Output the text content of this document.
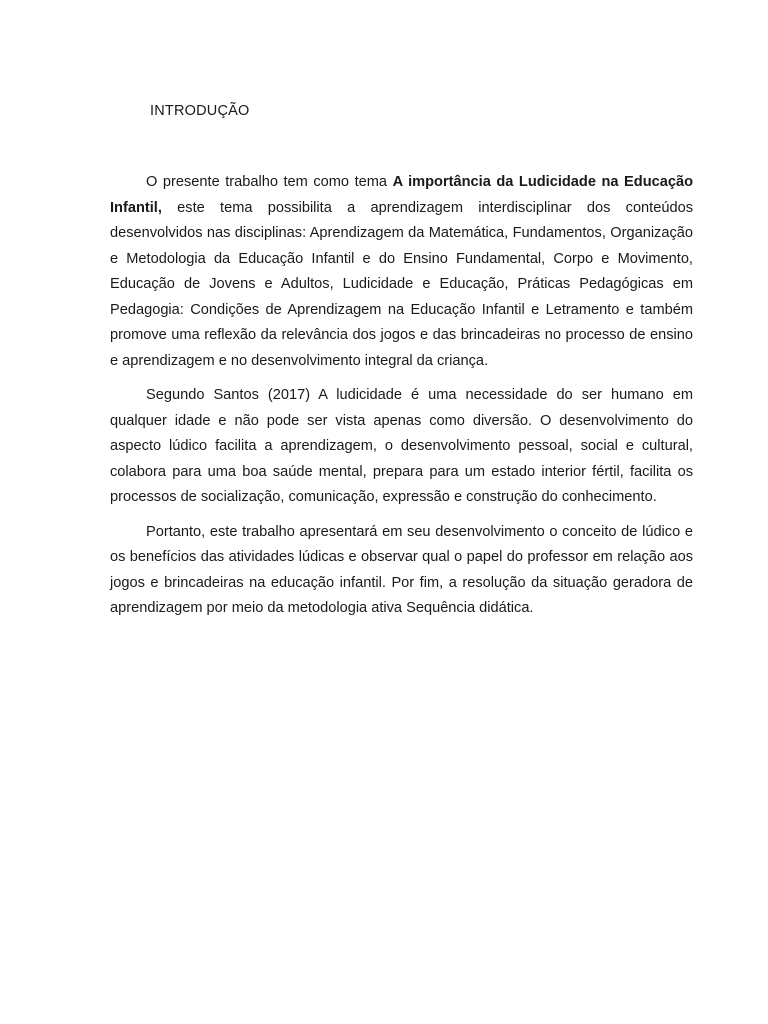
INTRODUÇÃO

O presente trabalho tem como tema A importância da Ludicidade na Educação Infantil, este tema possibilita a aprendizagem interdisciplinar dos conteúdos desenvolvidos nas disciplinas: Aprendizagem da Matemática, Fundamentos, Organização e Metodologia da Educação Infantil e do Ensino Fundamental, Corpo e Movimento, Educação de Jovens e Adultos, Ludicidade e Educação, Práticas Pedagógicas em Pedagogia: Condições de Aprendizagem na Educação Infantil e Letramento e também promove uma reflexão da relevância dos jogos e das brincadeiras no processo de ensino e aprendizagem e no desenvolvimento integral da criança.

Segundo Santos (2017) A ludicidade é uma necessidade do ser humano em qualquer idade e não pode ser vista apenas como diversão. O desenvolvimento do aspecto lúdico facilita a aprendizagem, o desenvolvimento pessoal, social e cultural, colabora para uma boa saúde mental, prepara para um estado interior fértil, facilita os processos de socialização, comunicação, expressão e construção do conhecimento.

Portanto, este trabalho apresentará em seu desenvolvimento o conceito de lúdico e os benefícios das atividades lúdicas e observar qual o papel do professor em relação aos jogos e brincadeiras na educação infantil. Por fim, a resolução da situação geradora de aprendizagem por meio da metodologia ativa Sequência didática.
